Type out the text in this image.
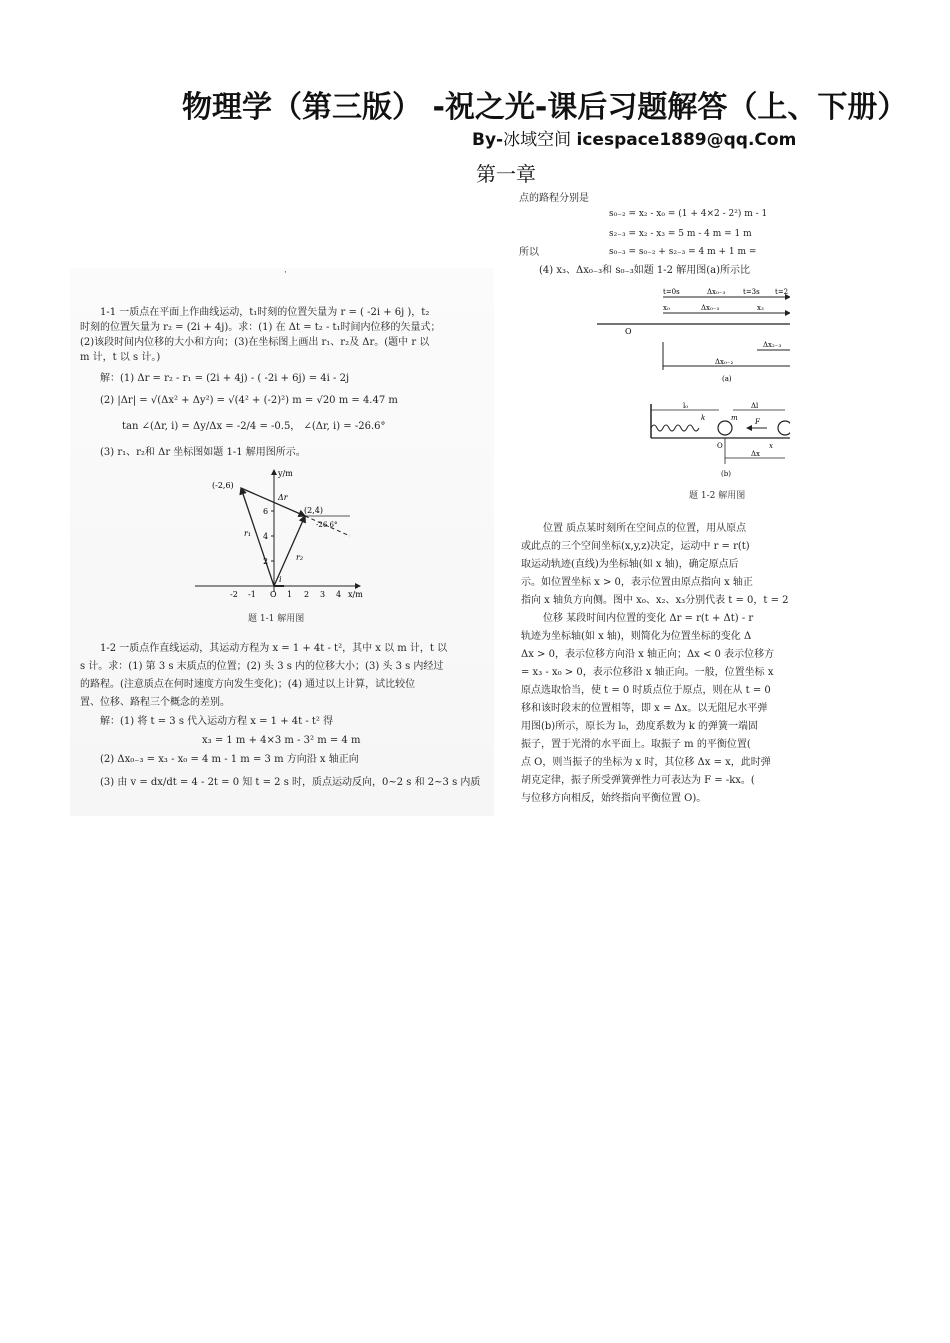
物理学（第三版） -祝之光-课后习题解答（上、下册）
By-冰域空间 icespace1889@qq.Com
第一章
·
1-1 一质点在平面上作曲线运动，t₁时刻的位置矢量为 r = ( -2i + 6j )，t₂
时刻的位置矢量为 r₂ = (2i + 4j)。求：(1) 在 Δt = t₂ - t₁时间内位移的矢量式；
(2)该段时间内位移的大小和方向；(3)在坐标图上画出 r₁、r₂及 Δr。(题中 r 以
m 计，t 以 s 计。)
解：(1) Δr = r₂ - r₁ = (2i + 4j) - ( -2i + 6j) = 4i - 2j
(2) |Δr| = √(Δx² + Δy²) = √(4² + (-2)²) m = √20 m = 4.47 m
tan ∠(Δr, i) = Δy/Δx = -2/4 = -0.5， ∠(Δr, i) = -26.6°
(3) r₁、r₂和 Δr 坐标图如题 1-1 解用图所示。
y/m
x/m
O
(-2,6)
(2,4)
-26.6°
r₁
r₂
Δr
i
6
4
2
-2 -1	1 2 3 4
题 1-1 解用图
1-2 一质点作直线运动，其运动方程为 x = 1 + 4t - t²，其中 x 以 m 计，t 以
s 计。求：(1) 第 3 s 末质点的位置；(2) 头 3 s 内的位移大小；(3) 头 3 s 内经过
的路程。(注意质点在何时速度方向发生变化)；(4) 通过以上计算，试比较位
置、位移、路程三个概念的差别。
解：(1) 将 t = 3 s 代入运动方程 x = 1 + 4t - t² 得
x₃ = 1 m + 4×3 m - 3² m = 4 m
(2) Δx₀₋₃ = x₃ - x₀ = 4 m - 1 m = 3 m 方向沿 x 轴正向
(3) 由 v = dx/dt = 4 - 2t = 0 知 t = 2 s 时，质点运动反向，0~2 s 和 2~3 s 内质
点的路程分别是
s₀₋₂ = x₂ - x₀ = (1 + 4×2 - 2²) m - 1
s₂₋₃ = x₂ - x₃ = 5 m - 4 m = 1 m
所以	s₀₋₃ = s₀₋₂ + s₂₋₃ = 4 m + 1 m =
(4) x₃、Δx₀₋₃和 s₀₋₃如题 1-2 解用图(a)所示比
t=0s	Δx₀₋₃	t=3s t=2
x₀	Δx₀₋₃	x₃
O
Δx₂₋₃
Δx₀₋₂
(a)
l₀	Δl
k	m F
x
O
Δx
(b)
题 1-2 解用图
位置 质点某时刻所在空间点的位置，用从原点
或此点的三个空间坐标(x,y,z)决定，运动中 r = r(t)
取运动轨迹(直线)为坐标轴(如 x 轴)，确定原点后
示。如位置坐标 x > 0，表示位置由原点指向 x 轴正
指向 x 轴负方向侧。图中 x₀、x₂、x₃分别代表 t = 0，t = 2
位移 某段时间内位置的变化 Δr = r(t + Δt) - r
轨迹为坐标轴(如 x 轴)，则简化为位置坐标的变化 Δ
Δx > 0，表示位移方向沿 x 轴正向；Δx < 0 表示位移方
= x₃ - x₀ > 0，表示位移沿 x 轴正向。一般，位置坐标 x
原点选取恰当，使 t = 0 时质点位于原点，则在从 t = 0
移和该时段末的位置相等，即 x = Δx。以无阻尼水平弹
用图(b)所示，原长为 l₀，劲度系数为 k 的弹簧一端固
振子，置于光滑的水平面上。取振子 m 的平衡位置(
点 O，则当振子的坐标为 x 时，其位移 Δx = x，此时弹
胡克定律，振子所受弹簧弹性力可表达为 F = -kx。(
与位移方向相反，始终指向平衡位置 O)。
